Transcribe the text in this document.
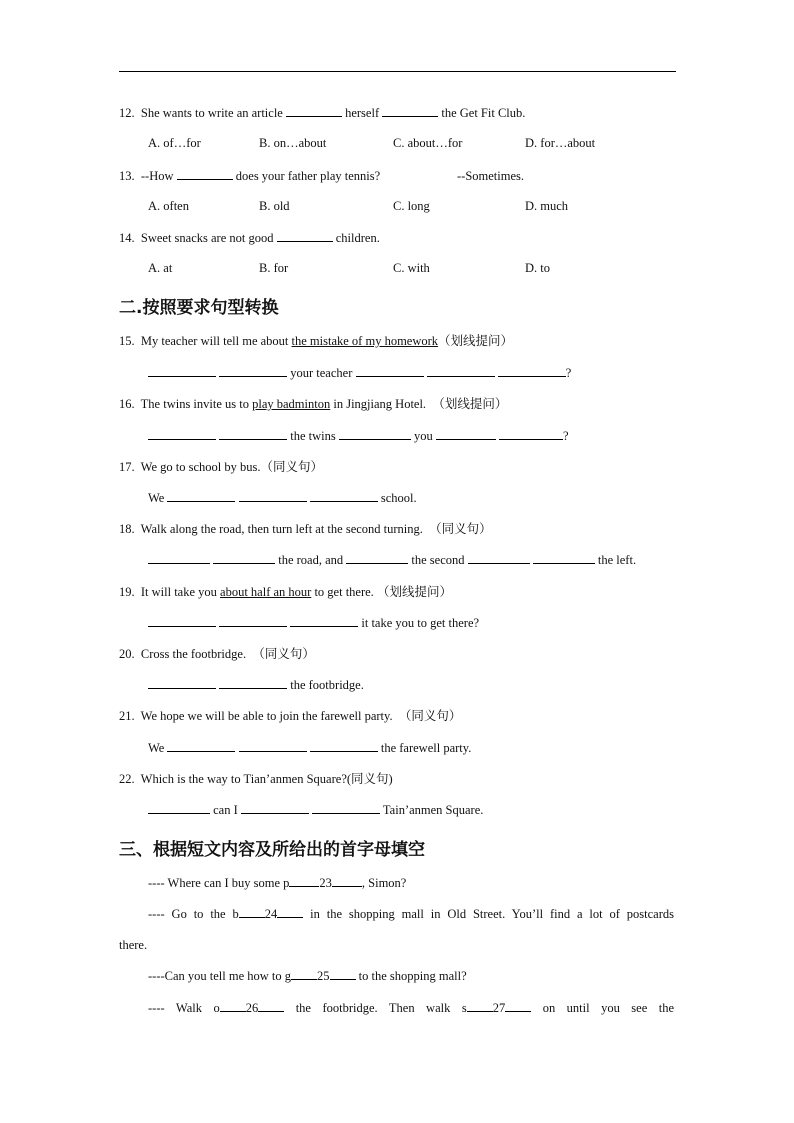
12. She wants to write an article	herself	the Get Fit Club.
A. of…for	B. on…about	C. about…for	D. for…about
13. --How	does your father play tennis?	--Sometimes.
A. often	B. old	C. long	D. much
14. Sweet snacks are not good	children.
A. at	B. for	C. with	D. to
二.按照要求句型转换
15. My teacher will tell me about the mistake of my homework（划线提问）
your teacher	?
16. The twins invite us to play badminton in Jingjiang Hotel. （划线提问）
the twins	you	?
17. We go to school by bus.（同义句）
We	school.
18. Walk along the road, then turn left at the second turning. （同义句）
the road, and	the second	the left.
19. It will take you about half an hour to get there. （划线提问）
it take you to get there?
20. Cross the footbridge. （同义句）
the footbridge.
21. We hope we will be able to join the farewell party. （同义句）
We	the farewell party.
22. Which is the way to Tian’anmen Square?(同义句)
can I	Tain’anmen Square.
三、根据短文内容及所给出的首字母填空
---- Where can I buy some p 23 , Simon?
---- Go to the b 24	in the shopping mall in Old Street. You’ll find a lot of postcards
there.
----Can you tell me how to g 25 to the shopping mall?
---- Walk o 26	the footbridge. Then walk s 27	on until you see the
